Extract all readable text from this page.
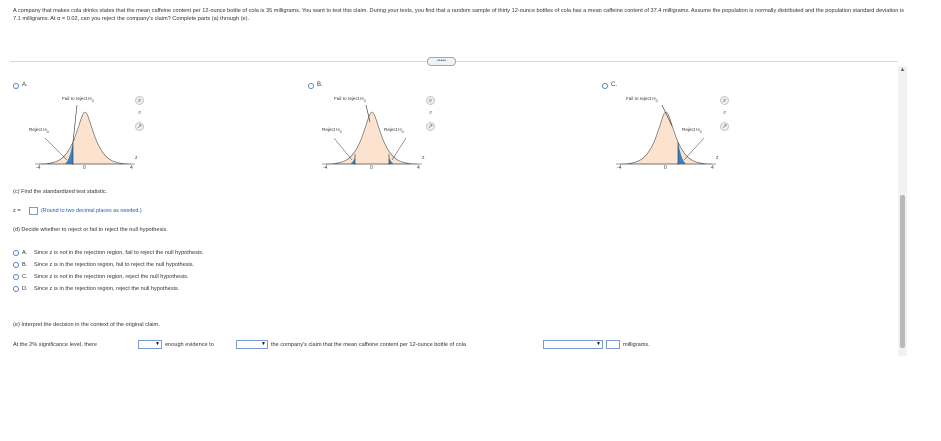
A company that makes cola drinks states that the mean caffeine content per 12-ounce bottle of cola is 35 milligrams. You want to test this claim. During your tests, you find that a random sample of thirty 12-ounce bottles of cola has a mean caffeine content of 37.4 milligrams. Assume the population is normally distributed and the population standard deviation is 7.1 milligrams. At α = 0.02, can you reject the company's claim? Complete parts (a) through (e).
•••••
▲
A.
Fail to reject $H_0$
Reject $H_0$
-4	0	4
z
⌕
⌕
↗
B.
Fail to reject $H_0$
Reject $H_0$	Reject $H_0$
-4	0	4
z
⌕
⌕
↗
C.
Fail to reject $H_0$
Reject $H_0$
-4	0	4
z
⌕
⌕
↗
(c) Find the standardized test statistic.
z =	(Round to two decimal places as needed.)
(d) Decide whether to reject or fail to reject the null hypothesis.
A. Since z is not in the rejection region, fail to reject the null hypothesis.
B. Since z is in the rejection region, fail to reject the null hypothesis.
C. Since z is not in the rejection region, reject the null hypothesis.
D. Since z is in the rejection region, reject the null hypothesis.
(e) Interpret the decision in the context of the original claim.
At the 2% significance level, there	▼ enough evidence to	▼ the company's claim that the mean caffeine content per 12-ounce bottle of cola	▼	milligrams.
